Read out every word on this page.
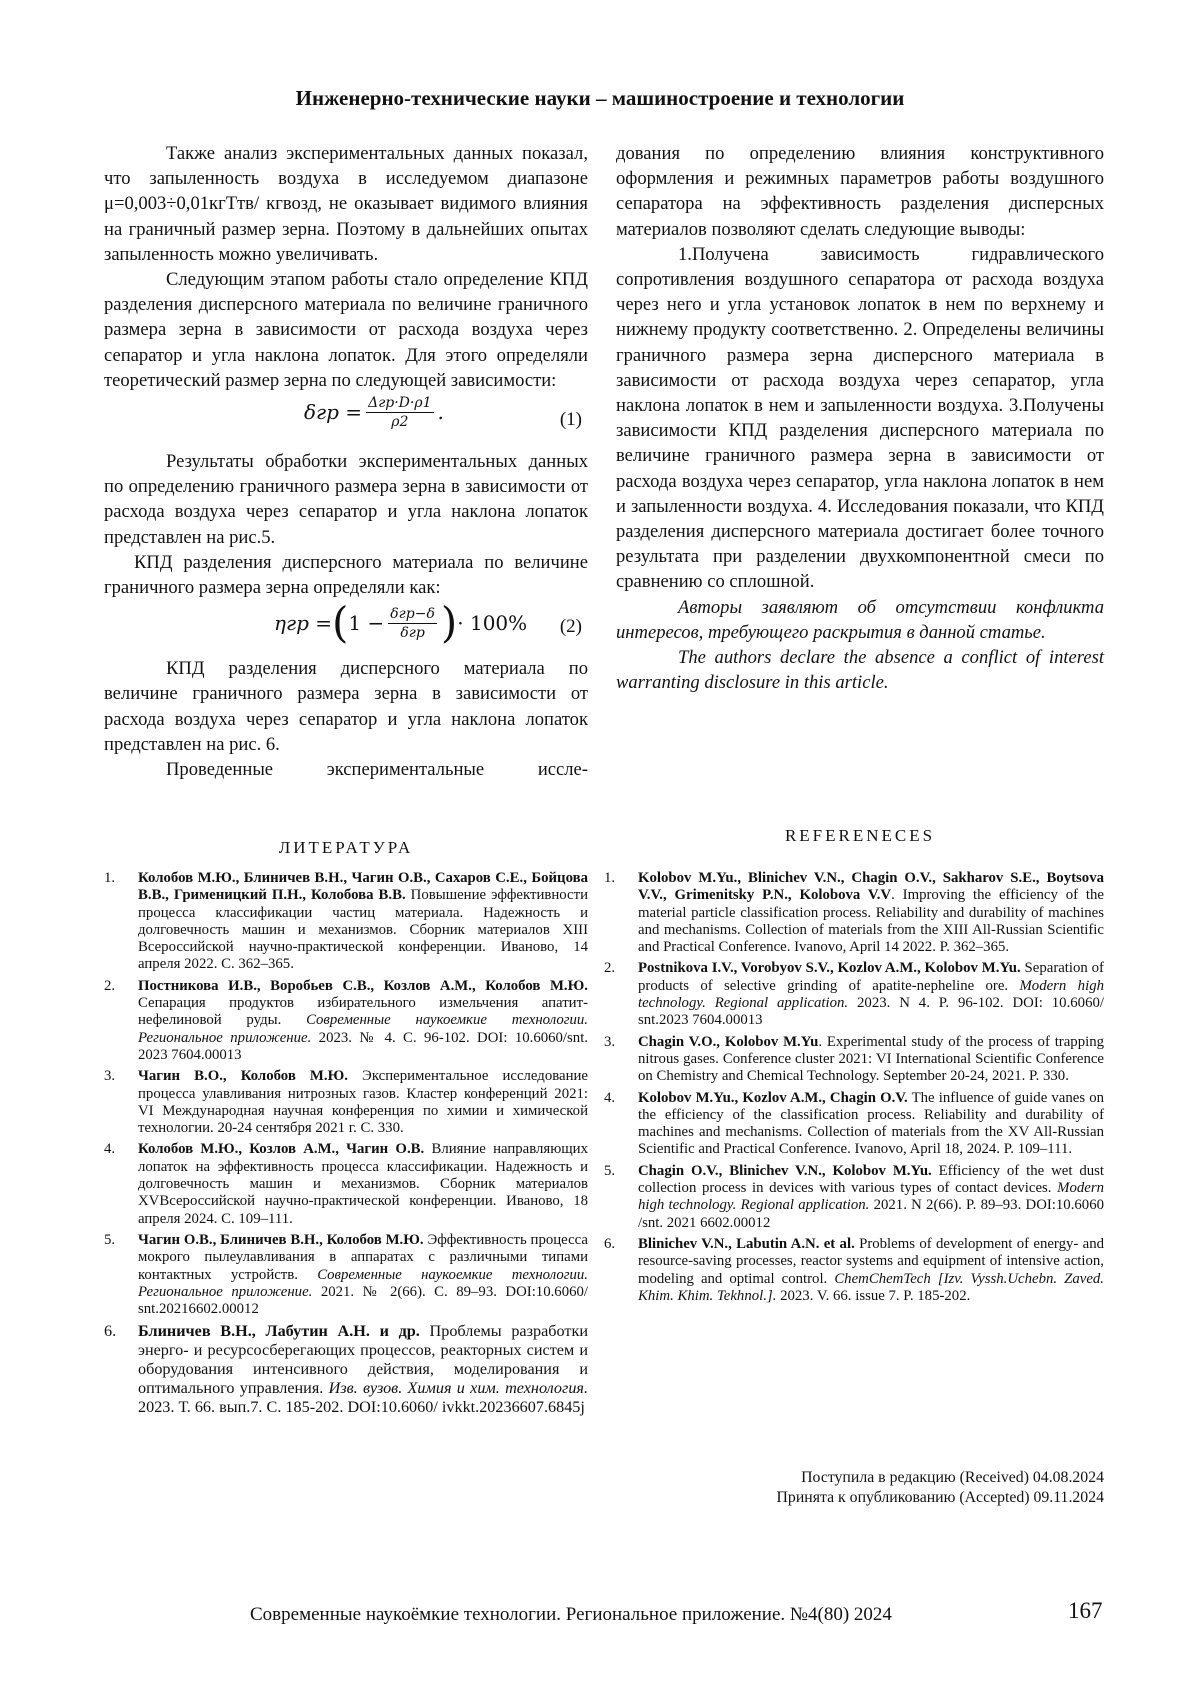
Инженерно-технические науки – машиностроение и технологии

Также анализ экспериментальных данных показал, что запыленность воздуха в исследуемом диапазоне μ=0,003÷0,01кгТтв/ кгвозд, не оказывает видимого влияния на граничный размер зерна. Поэтому в дальнейших опытах запыленность можно увеличивать.

Следующим этапом работы стало определение КПД разделения дисперсного материала по величине граничного размера зерна в зависимости от расхода воздуха через сепаратор и угла наклона лопаток. Для этого определяли теоретический размер зерна по следующей зависимости:

$\delta гр = \frac{\text{Δгр·D·ρ1}}{\rho 2}$ .	(1)

Результаты обработки экспериментальных данных по определению граничного размера зерна в зависимости от расхода воздуха через сепаратор и угла наклона лопаток представлен на рис.5.

КПД разделения дисперсного материала по величине граничного размера зерна определяли как:

ηгр = ( $1 - \frac{\text{δгр−δ}}{\text{δгр}}$ ) · 100% (2)

КПД разделения дисперсного материала по величине граничного размера зерна в зависимости от расхода воздуха через сепаратор и угла наклона лопаток представлен на рис. 6.

Проведенные экспериментальные иссле-

дования по определению влияния конструктивного оформления и режимных параметров работы воздушного сепаратора на эффективность разделения дисперсных материалов позволяют сделать следующие выводы:

1.Получена зависимость гидравлического сопротивления воздушного сепаратора от расхода воздуха через него и угла установок лопаток в нем по верхнему и нижнему продукту соответственно. 2. Определены величины граничного размера зерна дисперсного материала в зависимости от расхода воздуха через сепаратор, угла наклона лопаток в нем и запыленности воздуха. 3.Получены зависимости КПД разделения дисперсного материала по величине граничного размера зерна в зависимости от расхода воздуха через сепаратор, угла наклона лопаток в нем и запыленности воздуха. 4. Исследования показали, что КПД разделения дисперсного материала достигает более точного результата при разделении двухкомпонентной смеси по сравнению со сплошной.

Авторы заявляют об отсутствии конфликта интересов, требующего раскрытия в данной статье.

The authors declare the absence a conflict of interest warranting disclosure in this article.

ЛИТЕРАТУРА
REFERENECES
1.	Колобов М.Ю., Блиничев В.Н., Чагин О.В., Сахаров С.Е., Бойцова В.В., Грименицкий П.Н., Колобова В.В. Повышение эффективности процесса классификации частиц материала. Надежность и долговечность машин и механизмов. Сборник материалов XIII Всероссийской научно-практической конференции. Иваново, 14 апреля 2022. С. 362–365.
2.	Постникова И.В., Воробьев С.В., Козлов А.М., Колобов М.Ю. Сепарация продуктов избирательного измельчения апатит-нефелиновой руды. Современные наукоемкие технологии. Региональное приложение. 2023. № 4. С. 96-102. DOI: 10.6060/snt. 2023 7604.00013
3.	Чагин В.О., Колобов М.Ю. Экспериментальное исследование процесса улавливания нитрозных газов. Кластер конференций 2021: VI Международная научная конференция по химии и химической технологии. 20-24 сентября 2021 г. С. 330.
4.	Колобов М.Ю., Козлов А.М., Чагин О.В. Влияние направляющих лопаток на эффективность процесса классификации. Надежность и долговечность машин и механизмов. Сборник материалов XVВсероссийской научно-практической конференции. Иваново, 18 апреля 2024. С. 109–111.
5.	Чагин О.В., Блиничев В.Н., Колобов М.Ю. Эффективность процесса мокрого пылеулавливания в аппаратах с различными типами контактных устройств. Современные наукоемкие технологии. Региональное приложение. 2021. № 2(66). С. 89–93. DOI:10.6060/ snt.20216602.00012
6.	Блиничев В.Н., Лабутин А.Н. и др. Проблемы разработки энерго- и ресурсосберегающих процессов, реакторных систем и оборудования интенсивного действия, моделирования и оптимального управления. Изв. вузов. Химия и хим. технология. 2023. Т. 66. вып.7. С. 185-202. DOI:10.6060/ ivkkt.20236607.6845j
1.	Kolobov M.Yu., Blinichev V.N., Chagin O.V., Sakharov S.E., Boytsova V.V., Grimenitsky P.N., Kolobova V.V. Improving the efficiency of the material particle classification process. Reliability and durability of machines and mechanisms. Collection of materials from the XIII All-Russian Scientific and Practical Conference. Ivanovo, April 14 2022. P. 362–365.
2.	Postnikova I.V., Vorobyov S.V., Kozlov A.M., Kolobov M.Yu. Separation of products of selective grinding of apatite-nepheline ore. Modern high technology. Regional application. 2023. N 4. P. 96-102. DOI: 10.6060/ snt.2023 7604.00013
3.	Chagin V.O., Kolobov M.Yu. Experimental study of the process of trapping nitrous gases. Conference cluster 2021: VI International Scientific Conference on Chemistry and Chemical Technology. September 20-24, 2021. P. 330.
4.	Kolobov M.Yu., Kozlov A.M., Chagin O.V. The influence of guide vanes on the efficiency of the classification process. Reliability and durability of machines and mechanisms. Collection of materials from the XV All-Russian Scientific and Practical Conference. Ivanovo, April 18, 2024. P. 109–111.
5.	Chagin O.V., Blinichev V.N., Kolobov M.Yu. Efficiency of the wet dust collection process in devices with various types of contact devices. Modern high technology. Regional application. 2021. N 2(66). P. 89–93. DOI:10.6060 /snt. 2021 6602.00012
6.	Blinichev V.N., Labutin A.N. et al. Problems of development of energy- and resource-saving processes, reactor systems and equipment of intensive action, modeling and optimal control. ChemChemTech [Izv. Vyssh.Uchebn. Zaved. Khim. Khim. Tekhnol.]. 2023. V. 66. issue 7. P. 185-202.
Поступила в редакцию (Received) 04.08.2024
Принята к опубликованию (Accepted) 09.11.2024
Современные наукоёмкие технологии. Региональное приложение. №4(80) 2024	167
